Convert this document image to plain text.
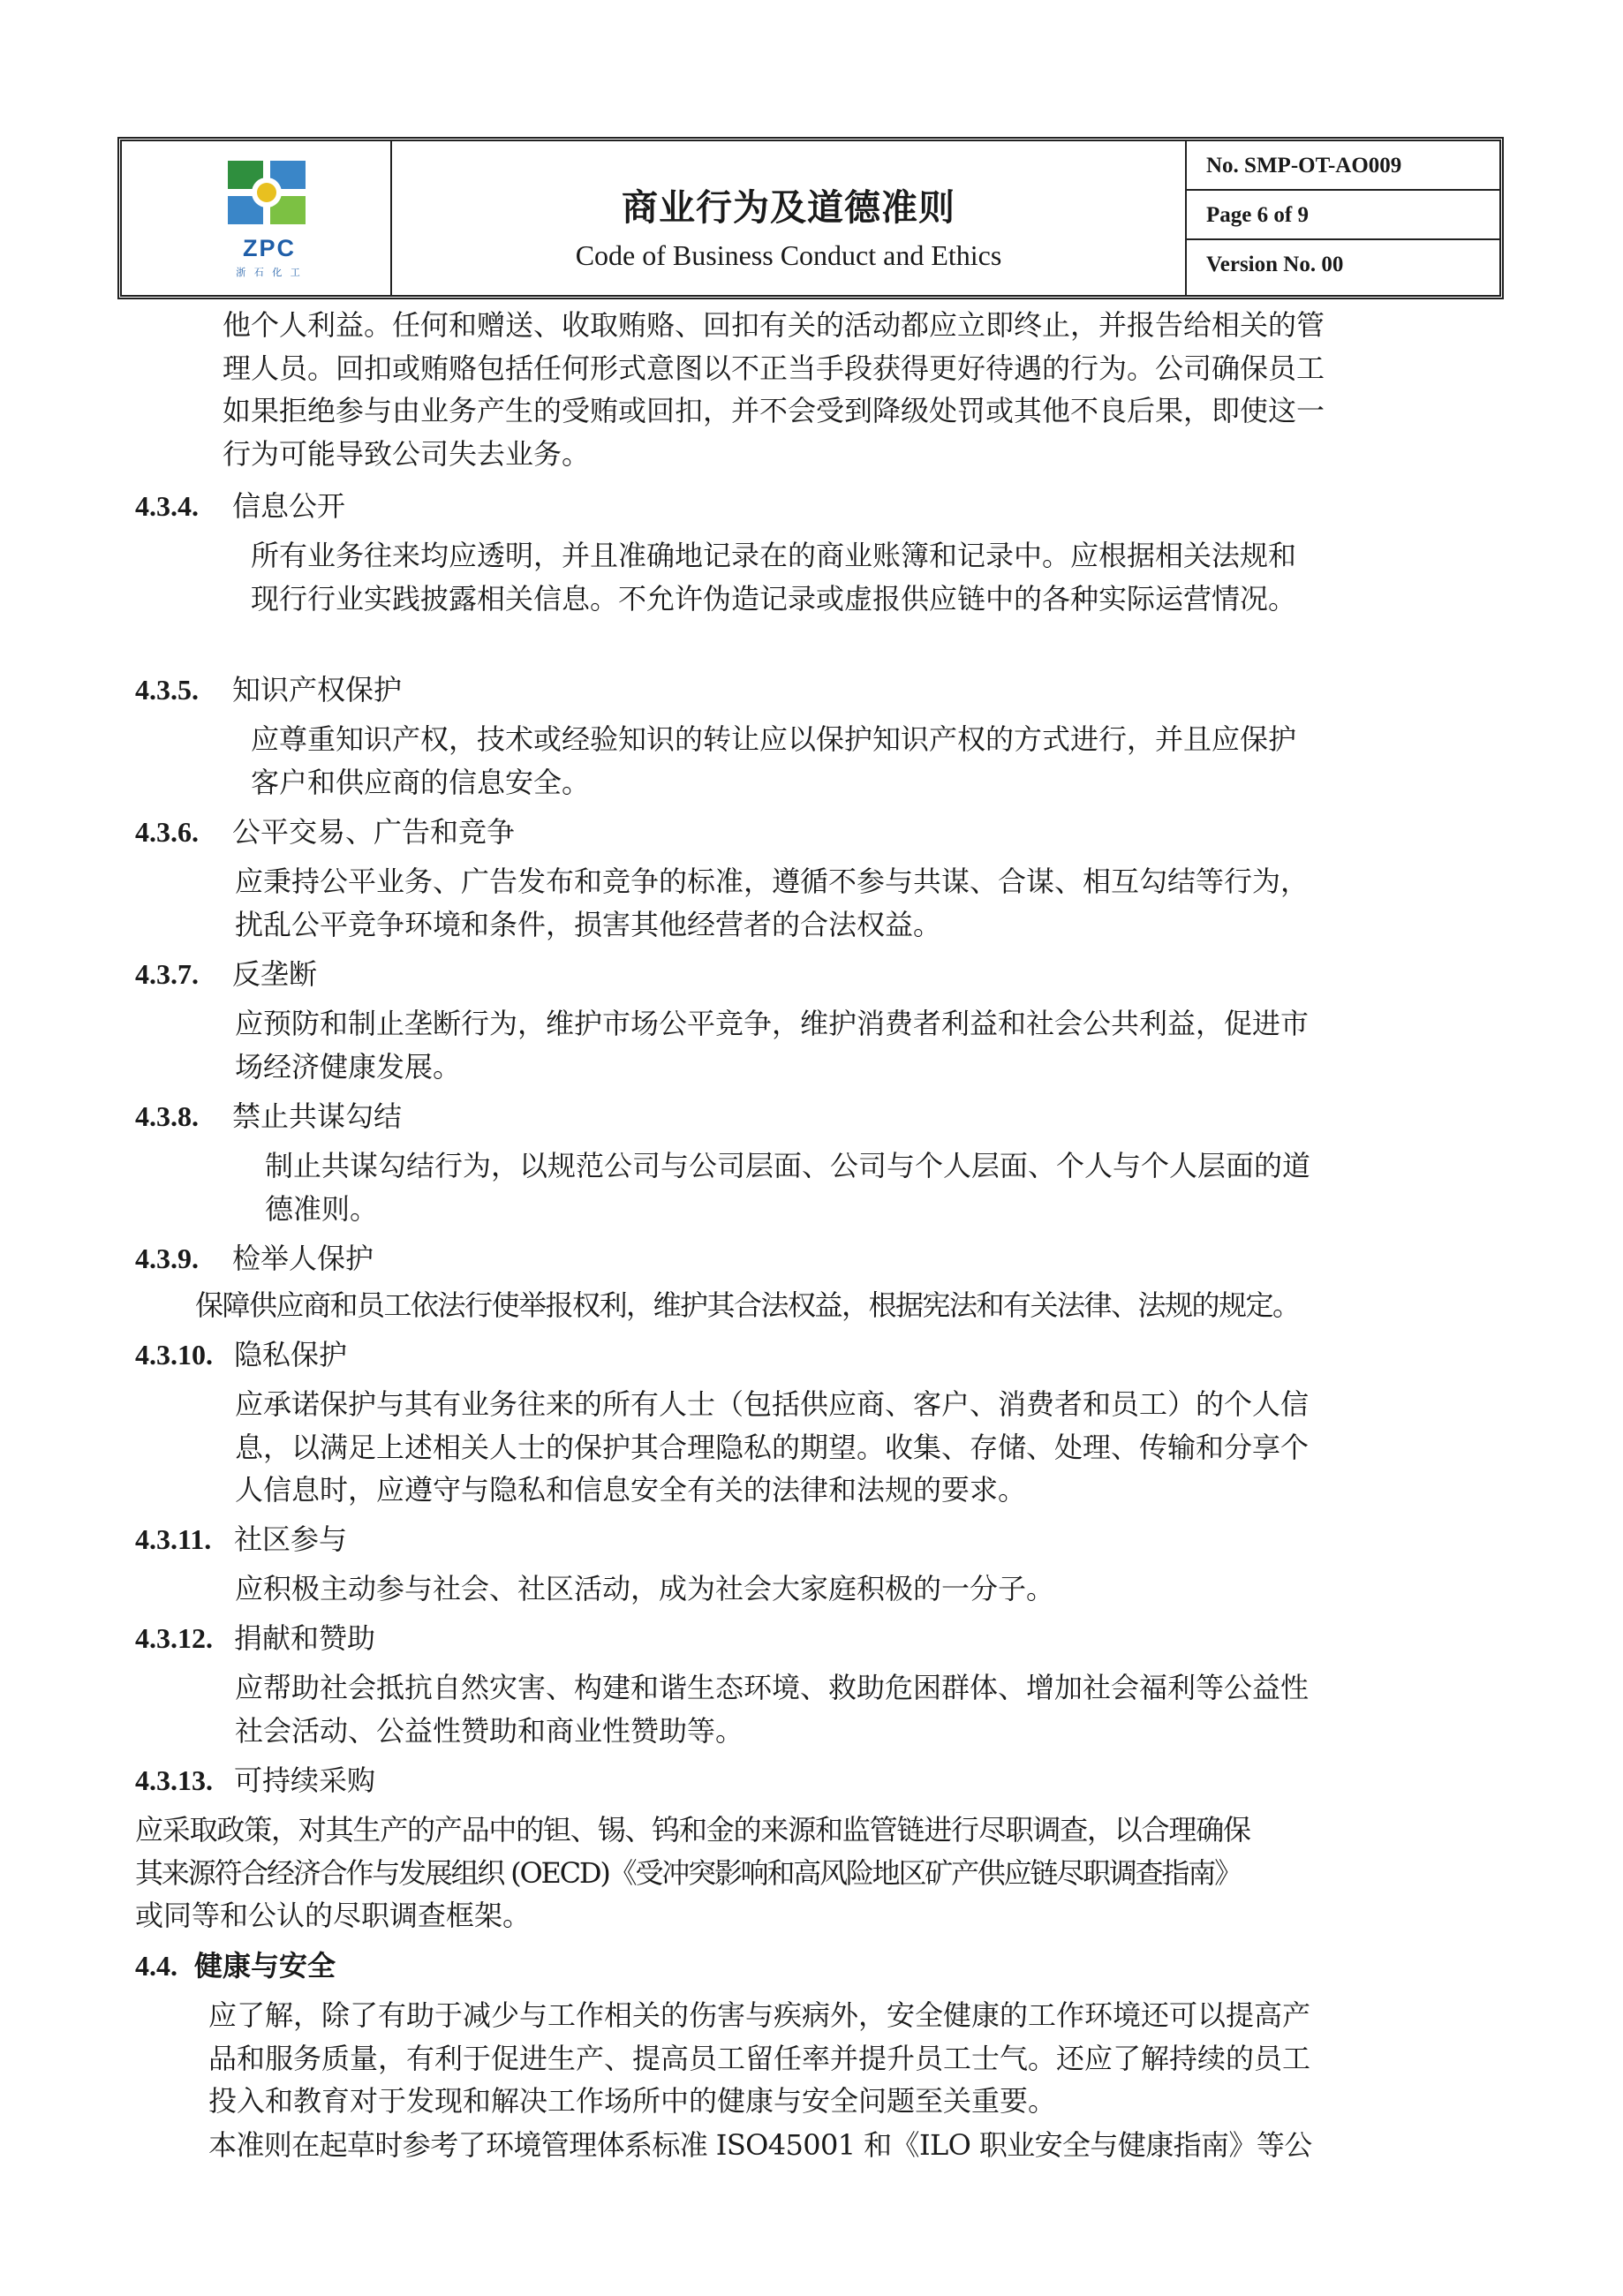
ZPC
浙 石 化 工
商业行为及道德准则
Code of Business Conduct and Ethics
No. SMP-OT-AO009
Page 6 of 9
Version No. 00
他个人利益。任何和赠送、收取贿赂、回扣有关的活动都应立即终止，并报告给相关的管
理人员。回扣或贿赂包括任何形式意图以不正当手段获得更好待遇的行为。公司确保员工
如果拒绝参与由业务产生的受贿或回扣，并不会受到降级处罚或其他不良后果，即使这一
行为可能导致公司失去业务。
4.3.4. 信息公开
所有业务往来均应透明，并且准确地记录在的商业账簿和记录中。应根据相关法规和
现行行业实践披露相关信息。不允许伪造记录或虚报供应链中的各种实际运营情况。
4.3.5. 知识产权保护
应尊重知识产权，技术或经验知识的转让应以保护知识产权的方式进行，并且应保护
客户和供应商的信息安全。
4.3.6. 公平交易、广告和竞争
应秉持公平业务、广告发布和竞争的标准，遵循不参与共谋、合谋、相互勾结等行为，
扰乱公平竞争环境和条件，损害其他经营者的合法权益。
4.3.7. 反垄断
应预防和制止垄断行为，维护市场公平竞争，维护消费者利益和社会公共利益，促进市
场经济健康发展。
4.3.8. 禁止共谋勾结
制止共谋勾结行为，以规范公司与公司层面、公司与个人层面、个人与个人层面的道
德准则。
4.3.9. 检举人保护
保障供应商和员工依法行使举报权利，维护其合法权益，根据宪法和有关法律、法规的规定。
4.3.10. 隐私保护
应承诺保护与其有业务往来的所有人士（包括供应商、客户、消费者和员工）的个人信
息，以满足上述相关人士的保护其合理隐私的期望。收集、存储、处理、传输和分享个
人信息时，应遵守与隐私和信息安全有关的法律和法规的要求。
4.3.11. 社区参与
应积极主动参与社会、社区活动，成为社会大家庭积极的一分子。
4.3.12. 捐献和赞助
应帮助社会抵抗自然灾害、构建和谐生态环境、救助危困群体、增加社会福利等公益性
社会活动、公益性赞助和商业性赞助等。
4.3.13. 可持续采购
应采取政策，对其生产的产品中的钽、锡、钨和金的来源和监管链进行尽职调查，以合理确保
其来源符合经济合作与发展组织 (OECD)《受冲突影响和高风险地区矿产供应链尽职调查指南》
或同等和公认的尽职调查框架。
4.4. 健康与安全
应了解，除了有助于减少与工作相关的伤害与疾病外，安全健康的工作环境还可以提高产
品和服务质量，有利于促进生产、提高员工留任率并提升员工士气。还应了解持续的员工
投入和教育对于发现和解决工作场所中的健康与安全问题至关重要。
本准则在起草时参考了环境管理体系标准 ISO45001 和《ILO 职业安全与健康指南》等公
